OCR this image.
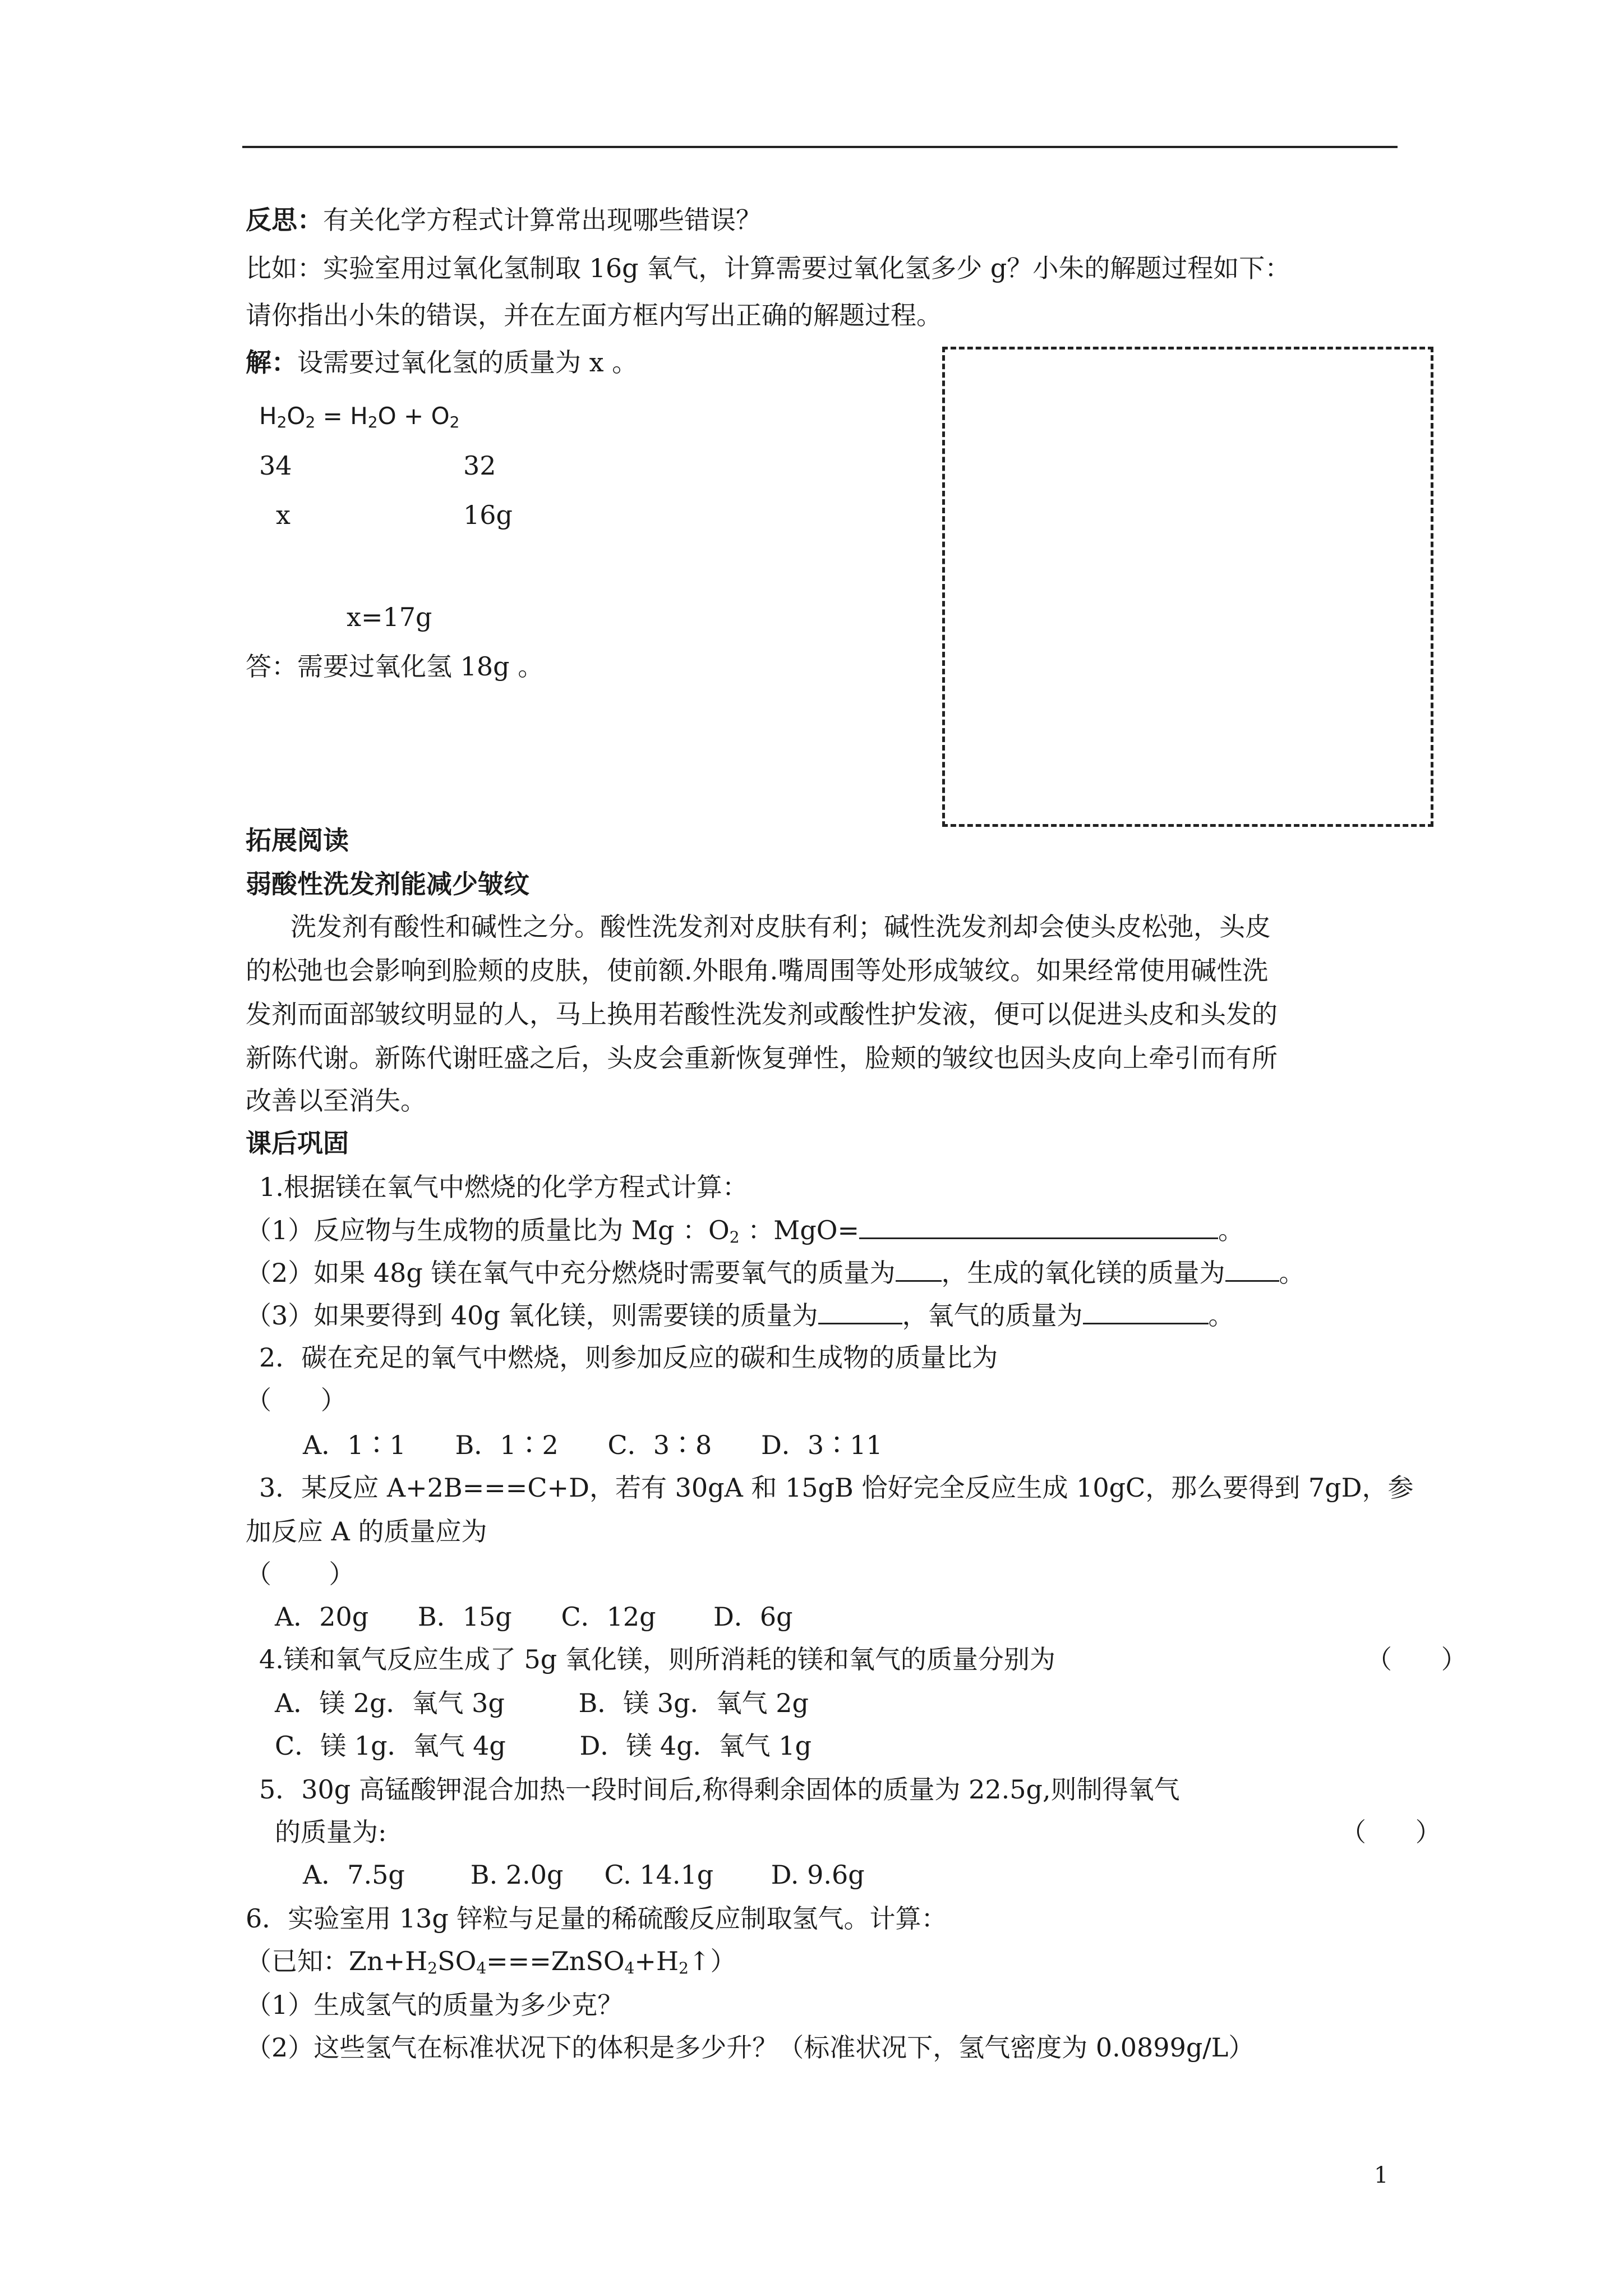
反思：有关化学方程式计算常出现哪些错误？
比如：实验室用过氧化氢制取 16g 氧气，计算需要过氧化氢多少 g？小朱的解题过程如下：
请你指出小朱的错误，并在左面方框内写出正确的解题过程。
解：设需要过氧化氢的质量为 x 。
$H_2O_2 = H_2O + O_2$
34	32
x	16g
x=17g
答：需要过氧化氢 18g 。
拓展阅读
弱酸性洗发剂能减少皱纹
洗发剂有酸性和碱性之分。酸性洗发剂对皮肤有利；碱性洗发剂却会使头皮松弛，头皮
的松弛也会影响到脸颊的皮肤，使前额.外眼角.嘴周围等处形成皱纹。如果经常使用碱性洗
发剂而面部皱纹明显的人，马上换用若酸性洗发剂或酸性护发液，便可以促进头皮和头发的
新陈代谢。新陈代谢旺盛之后，头皮会重新恢复弹性，脸颊的皱纹也因头皮向上牵引而有所
改善以至消失。
课后巩固
1.根据镁在氧气中燃烧的化学方程式计算：
（1）反应物与生成物的质量比为 Mg ：$O_2$ ：MgO=	。
（2）如果 48g 镁在氧气中充分燃烧时需要氧气的质量为 ，生成的氧化镁的质量为 。
（3）如果要得到 40g 氧化镁，则需要镁的质量为	，氧气的质量为	。
2．碳在充足的氧气中燃烧，则参加反应的碳和生成物的质量比为
（      ）
A．1∶1      B．1∶2      C．3∶8      D．3∶11
3．某反应 A+2B===C+D，若有 30gA 和 15gB 恰好完全反应生成 10gC，那么要得到 7gD，参
加反应 A 的质量应为
（       ）
A．20g      B．15g      C．12g       D．6g
4.镁和氧气反应生成了 5g 氧化镁，则所消耗的镁和氧气的质量分别为	（      ）
A．镁 2g．氧气 3g         B．镁 3g．氧气 2g
C．镁 1g．氧气 4g         D．镁 4g．氧气 1g
5．30g 高锰酸钾混合加热一段时间后,称得剩余固体的质量为 22.5g,则制得氧气
的质量为:	（      ）
A．7.5g        B. 2.0g     C. 14.1g       D. 9.6g
6．实验室用 13g 锌粒与足量的稀硫酸反应制取氢气。计算：
（已知：$Zn+H_2SO_4===ZnSO_4+H_2↑$）
（1）生成氢气的质量为多少克？
（2）这些氢气在标准状况下的体积是多少升？（标准状况下，氢气密度为 0.0899g/L）
1
